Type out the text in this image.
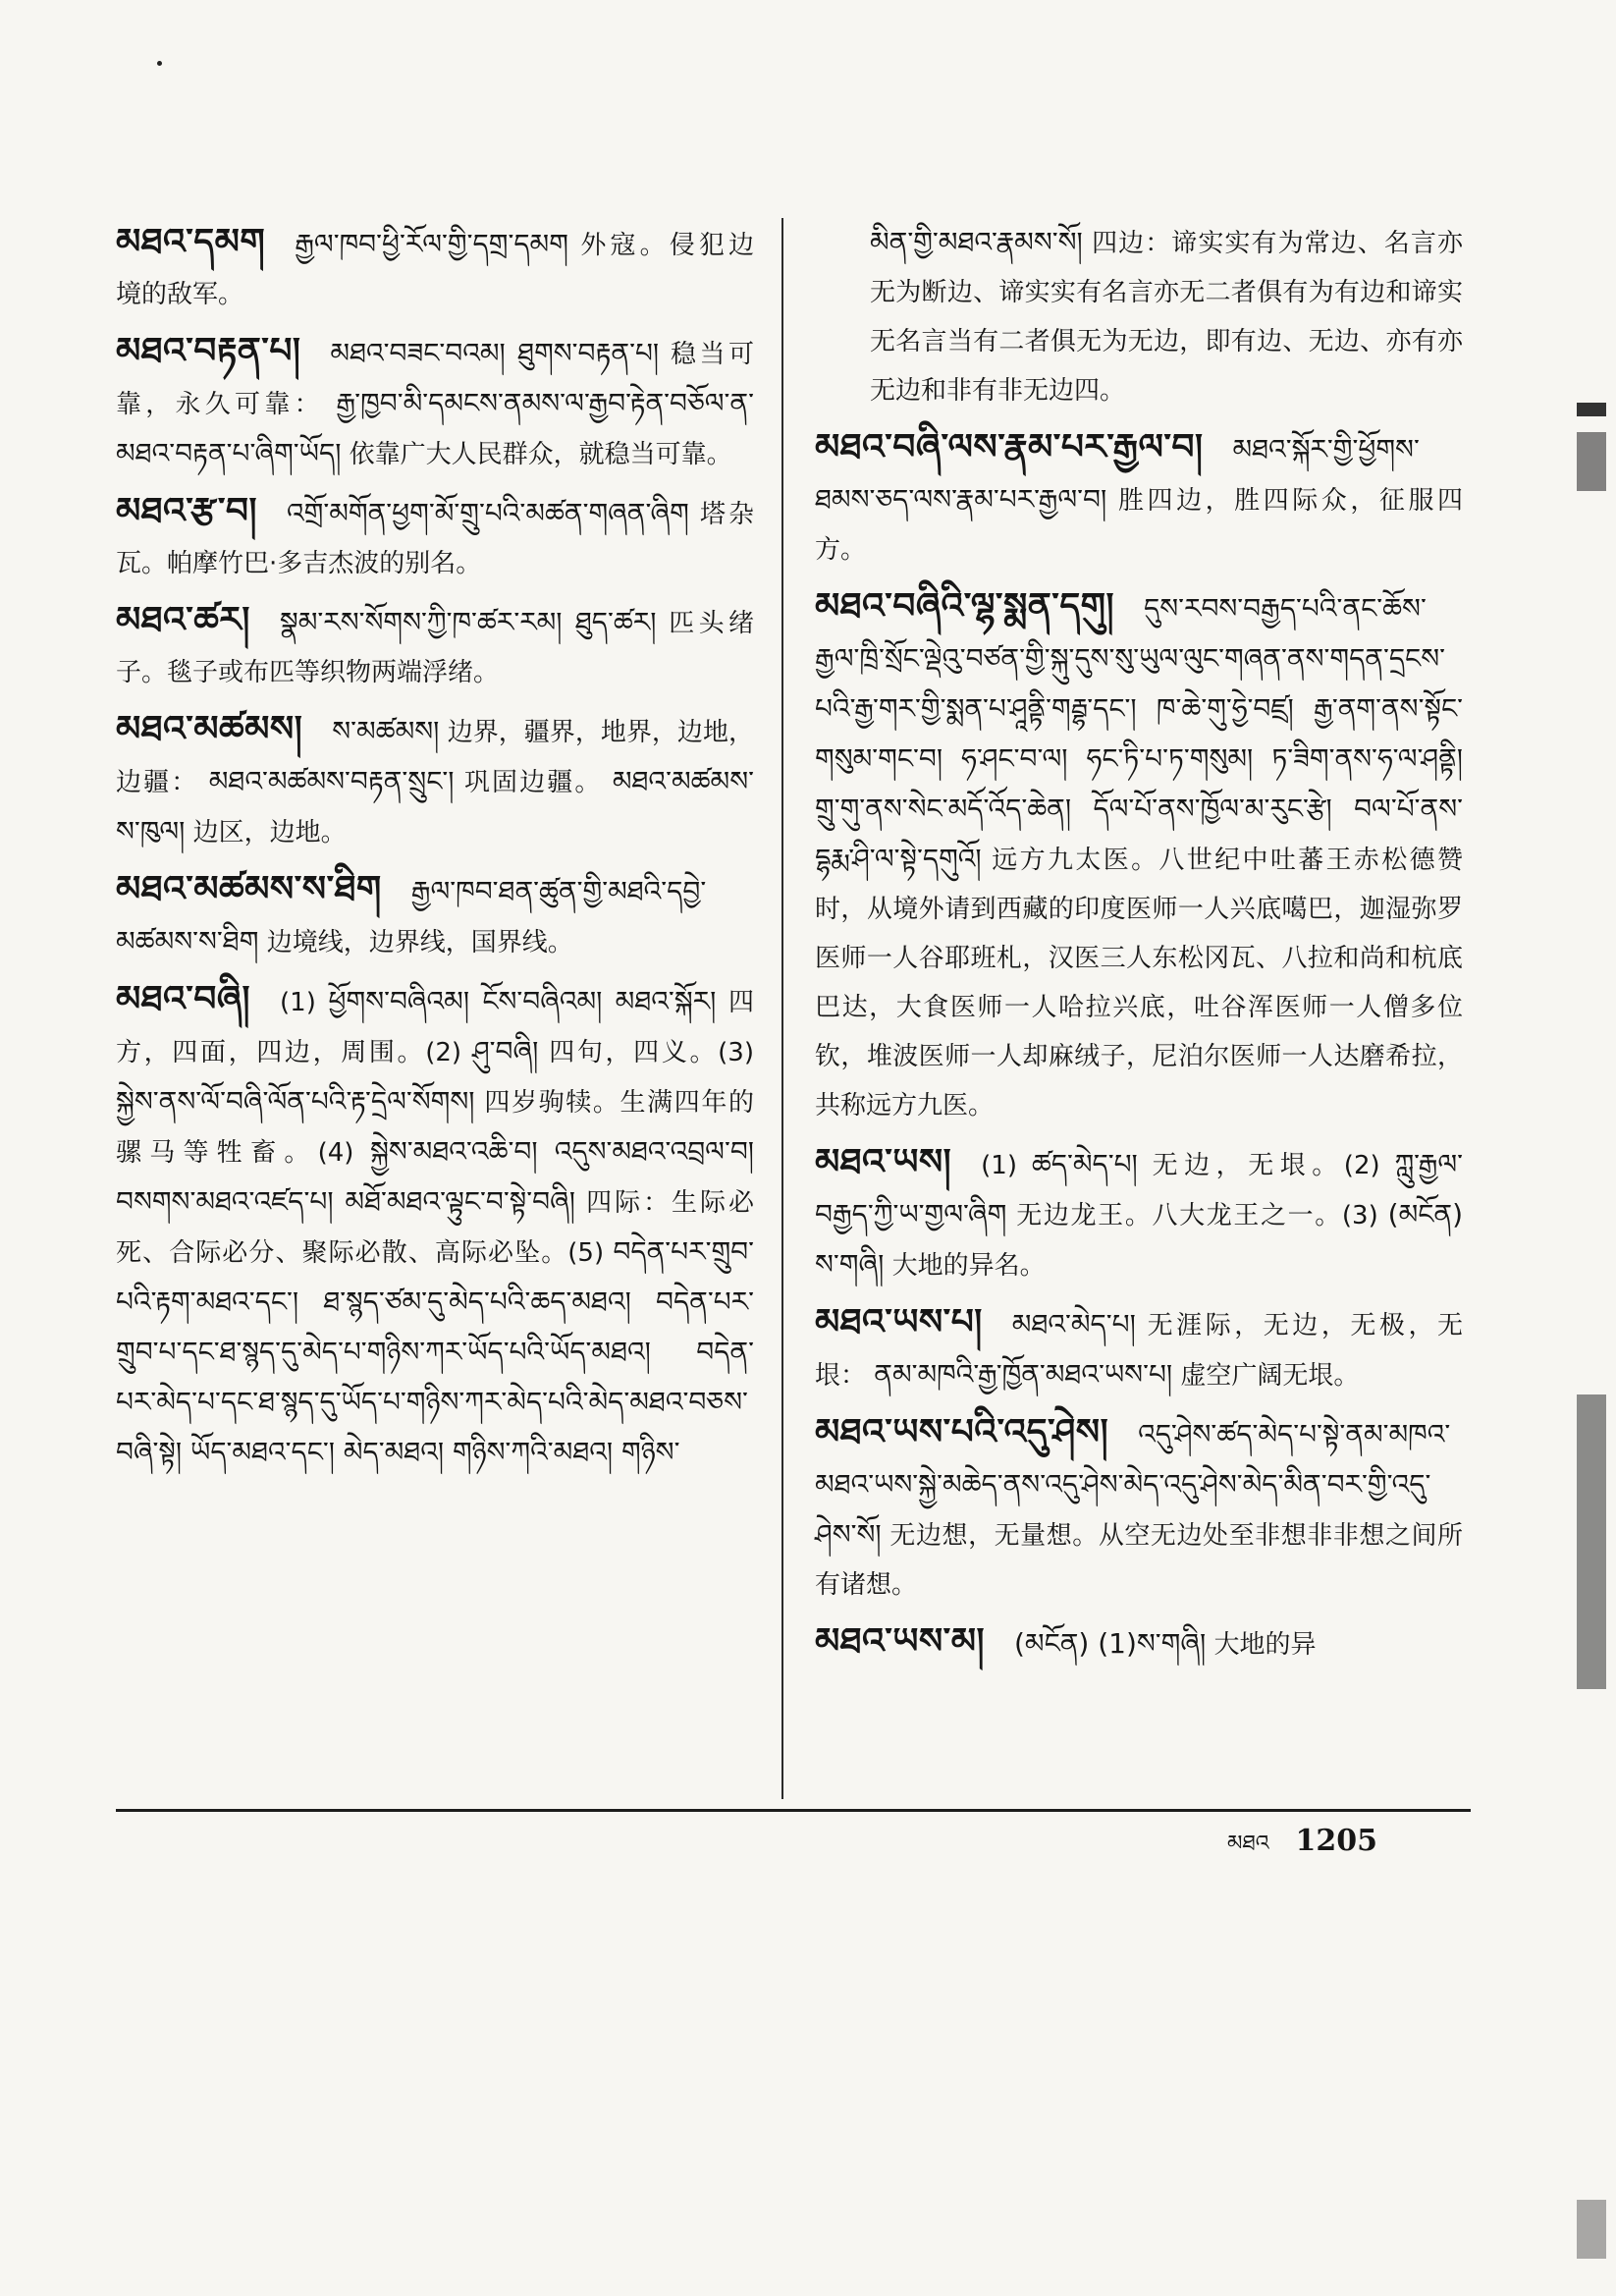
མཐའ་དམག རྒྱལ་ཁབ་ཕྱི་རོལ་གྱི་དགྲ་དམག 外寇。侵犯边境的敌军。
མཐའ་བརྟན་པ། མཐའ་བཟང་བའམ། ཐུགས་བརྟན་པ། 稳当可靠，永久可靠： རྒྱ་ཁྱབ་མི་དམངས་ནམས་ལ་རྒྱབ་རྟེན་བཅོལ་ན་མཐའ་བརྟན་པ་ཞིག་ཡོད། 依靠广大人民群众，就稳当可靠。
མཐའ་རྩ་བ། འགྲོ་མགོན་ཕྱག་མོ་གྲུ་པའི་མཚན་གཞན་ཞིག 塔杂瓦。帕摩竹巴·多吉杰波的别名。
མཐའ་ཚར། སྣམ་རས་སོགས་ཀྱི་ཁ་ཚར་རམ། ཐུད་ཚར། 匹头绪子。毯子或布匹等织物两端浮绪。
མཐའ་མཚམས། ས་མཚམས། 边界，疆界，地界，边地，边疆： མཐའ་མཚམས་བརྟན་སྲུང་། 巩固边疆。 མཐའ་མཚམས་ས་ཁུལ། 边区，边地。
མཐའ་མཚམས་ས་ཐིག རྒྱལ་ཁབ་ཐན་ཚུན་གྱི་མཐའི་དབྱེ་མཚམས་ས་ཐིག 边境线，边界线，国界线。
མཐའ་བཞི། (1) ཕྱོགས་བཞིའམ། ངོས་བཞིའམ། མཐའ་སྐོར། 四方，四面，四边，周围。(2) ཤུ་བཞི། 四句，四义。(3) སྐྱེས་ནས་ལོ་བཞི་ལོན་པའི་རྟ་དྲེལ་སོགས། 四岁驹犊。生满四年的骡马等牲畜。(4) སྐྱེས་མཐའ་འཆི་བ། འདུས་མཐའ་འབྲལ་བ། བསགས་མཐའ་འཛད་པ། མཐོ་མཐའ་ལྟུང་བ་སྟེ་བཞི། 四际：生际必死、合际必分、聚际必散、高际必坠。(5) བདེན་པར་གྲུབ་པའི་རྟག་མཐའ་དང་། ཐ་སྙད་ཙམ་དུ་མེད་པའི་ཆད་མཐའ། བདེན་པར་གྲུབ་པ་དང་ཐ་སྙད་དུ་མེད་པ་གཉིས་ཀར་ཡོད་པའི་ཡོད་མཐའ། བདེན་པར་མེད་པ་དང་ཐ་སྙད་དུ་ཡོད་པ་གཉིས་ཀར་མེད་པའི་མེད་མཐའ་བཅས་བཞི་སྟེ། ཡོད་མཐའ་དང་། མེད་མཐའ། གཉིས་ཀའི་མཐའ། གཉིས་
མིན་གྱི་མཐའ་རྣམས་སོ། 四边：谛实实有为常边、名言亦无为断边、谛实实有名言亦无二者俱有为有边和谛实无名言当有二者俱无为无边，即有边、无边、亦有亦无边和非有非无边四。
མཐའ་བཞི་ལས་རྣམ་པར་རྒྱལ་བ། མཐའ་སྐོར་གྱི་ཕྱོགས་ཐམས་ཅད་ལས་རྣམ་པར་རྒྱལ་བ། 胜四边，胜四际众，征服四方。
མཐའ་བཞིའི་ལྷ་སྨན་དགུ། དུས་རབས་བརྒྱད་པའི་ནང་ཆོས་རྒྱལ་ཁྲི་སྲོང་ལྡེའུ་བཙན་གྱི་སྐུ་དུས་སུ་ཡུལ་ལུང་གཞན་ནས་གདན་དྲངས་པའི་རྒྱ་གར་གྱི་སྨན་པ་ཤཱནྟི་གརྦྷ་དང་། ཁ་ཆེ་གུ་ཧྱེ་བཛྲ། རྒྱ་ནག་ནས་སྟོང་གསུམ་གང་བ། ཧ་ཤང་བ་ལ། ཧང་ཏི་པ་ཏ་གསུམ། ཏ་ཟིག་ནས་ཧ་ལ་ཤནྟི། གྲུ་གུ་ནས་སེང་མདོ་འོད་ཆེན། དོལ་པོ་ནས་ཁྱོལ་མ་རུང་རྩེ། བལ་པོ་ནས་དྷརྨ་ཤི་ལ་སྟེ་དགུའོ། 远方九太医。八世纪中吐蕃王赤松德赞时，从境外请到西藏的印度医师一人兴底噶巴，迦湿弥罗医师一人谷耶班札，汉医三人东松冈瓦、八拉和尚和杭底巴达，大食医师一人哈拉兴底，吐谷浑医师一人僧多位钦，堆波医师一人却麻绒子，尼泊尔医师一人达磨希拉，共称远方九医。
མཐའ་ཡས། (1) ཚད་མེད་པ། 无边，无垠。(2) ཀླུ་རྒྱལ་བརྒྱད་ཀྱི་ཡ་གྱལ་ཞིག 无边龙王。八大龙王之一。(3) (མངོན) ས་གཞི། 大地的异名。
མཐའ་ཡས་པ། མཐའ་མེད་པ། 无涯际，无边，无极，无垠： ནམ་མཁའི་རྒྱ་ཁྱོན་མཐའ་ཡས་པ། 虚空广阔无垠。
མཐའ་ཡས་པའི་འདུ་ཤེས། འདུ་ཤེས་ཚད་མེད་པ་སྟེ་ནམ་མཁའ་མཐའ་ཡས་སྐྱེ་མཆེད་ནས་འདུ་ཤེས་མེད་འདུ་ཤེས་མེད་མིན་བར་གྱི་འདུ་ཤེས་སོ། 无边想，无量想。从空无边处至非想非非想之间所有诸想。
མཐའ་ཡས་མ། (མངོན) (1)ས་གཞི། 大地的异
མཐའ 1205
